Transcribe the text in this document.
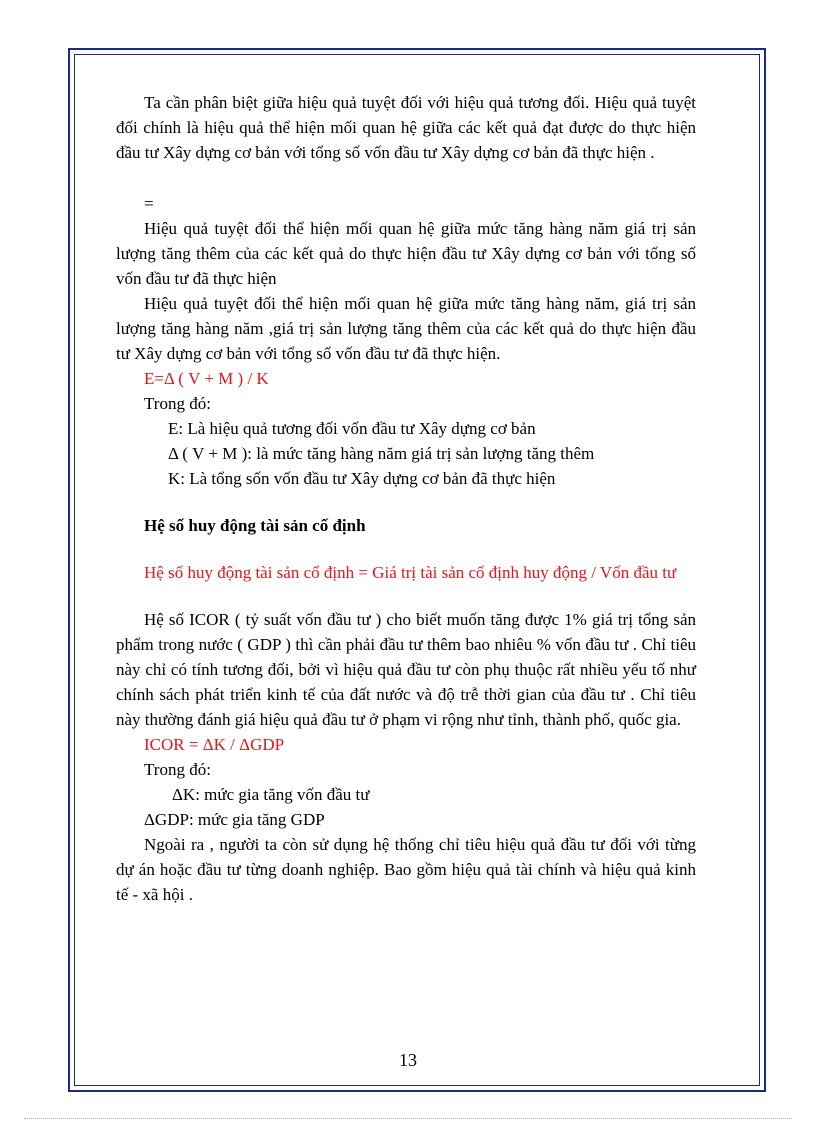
Ta cần phân biệt giữa hiệu quả tuyệt đối với hiệu quả tương đối. Hiệu quả tuyệt đối chính là hiệu quả thể hiện mối quan hệ giữa các kết quả đạt được do thực hiện đầu tư Xây dựng cơ bản với tổng số vốn đầu tư Xây dựng cơ bản đã thực hiện .

=

Hiệu quả tuyệt đối thể hiện mối quan hệ giữa mức tăng hàng năm giá trị sản lượng tăng thêm của các kết quả do thực hiện đầu tư Xây dựng cơ bản với tổng số vốn đầu tư đã thực hiện

Hiệu quả tuyệt đối thể hiện mối quan hệ giữa mức tăng hàng năm, giá trị sản lượng tăng hàng năm ,giá trị sản lượng tăng thêm của các kết quả do thực hiện đầu tư Xây dựng cơ bản với tổng số vốn đầu tư đã thực hiện.

E=Δ ( V + M ) / K

Trong đó:

E: Là hiệu quả tương đối vốn đầu tư Xây dựng cơ bản

Δ ( V + M ): là mức tăng hàng năm giá trị sản lượng tăng thêm

K: Là tổng sốn vốn đầu tư Xây dựng cơ bản đã thực hiện

Hệ số huy động tài sản cố định

Hệ số huy động tài sản cổ định = Giá trị tài sản cố định huy động / Vốn đầu tư

Hệ số ICOR ( tỷ suất vốn đầu tư ) cho biết muốn tăng được 1% giá trị tổng sản phẩm trong nước ( GDP ) thì cần phải đầu tư thêm bao nhiêu % vốn đầu tư . Chỉ tiêu này chỉ có tính tương đối, bởi vì hiệu quả đầu tư còn phụ thuộc rất nhiều yếu tố như chính sách phát triển kinh tế của đất nước và độ trễ thời gian của đầu tư . Chỉ tiêu này thường đánh giá hiệu quả đầu tư ở phạm vi rộng như tỉnh, thành phố, quốc gia.

ICOR = ΔK / ΔGDP

Trong đó:

ΔK: mức gia tăng vốn đầu tư

ΔGDP: mức gia tăng GDP

Ngoài ra , người ta còn sử dụng hệ thống chỉ tiêu hiệu quả đầu tư đối với từng dự án hoặc đầu tư từng doanh nghiệp. Bao gồm hiệu quả tài chính và hiệu quả kinh tế - xã hội .

13
